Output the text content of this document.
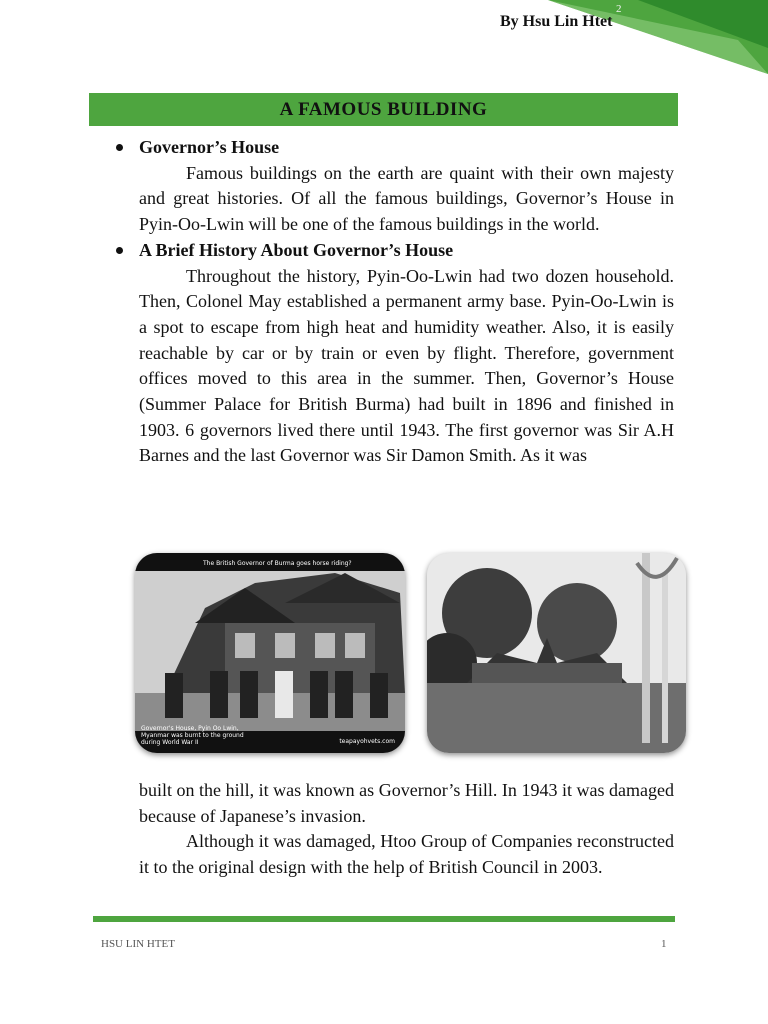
By Hsu Lin Htet
2
A FAMOUS BUILDING
Governor’s House

Famous buildings on the earth are quaint with their own majesty and great histories. Of all the famous buildings, Governor’s House in Pyin-Oo-Lwin will be one of the famous buildings in the world.

A Brief History About Governor’s House

Throughout the history, Pyin-Oo-Lwin had two dozen household. Then, Colonel May established a permanent army base. Pyin-Oo-Lwin is a spot to escape from high heat and humidity weather. Also, it is easily reachable by car or by train or even by flight. Therefore, government offices moved to this area in the summer. Then, Governor’s House (Summer Palace for British Burma) had built in 1896 and finished in 1903. 6 governors lived there until 1943. The first governor was Sir A.H Barnes and the last Governor was Sir Damon Smith. As it was

The British Governor of Burma goes horse riding?
Governor's House, Pyin Oo Lwin, Myanmar was burnt to the ground during World War II	teapayohvets.com

built on the hill, it was known as Governor’s Hill. In 1943 it was damaged because of Japanese’s invasion.

Although it was damaged, Htoo Group of Companies reconstructed it to the original design with the help of British Council in 2003.

HSU LIN HTET	1
